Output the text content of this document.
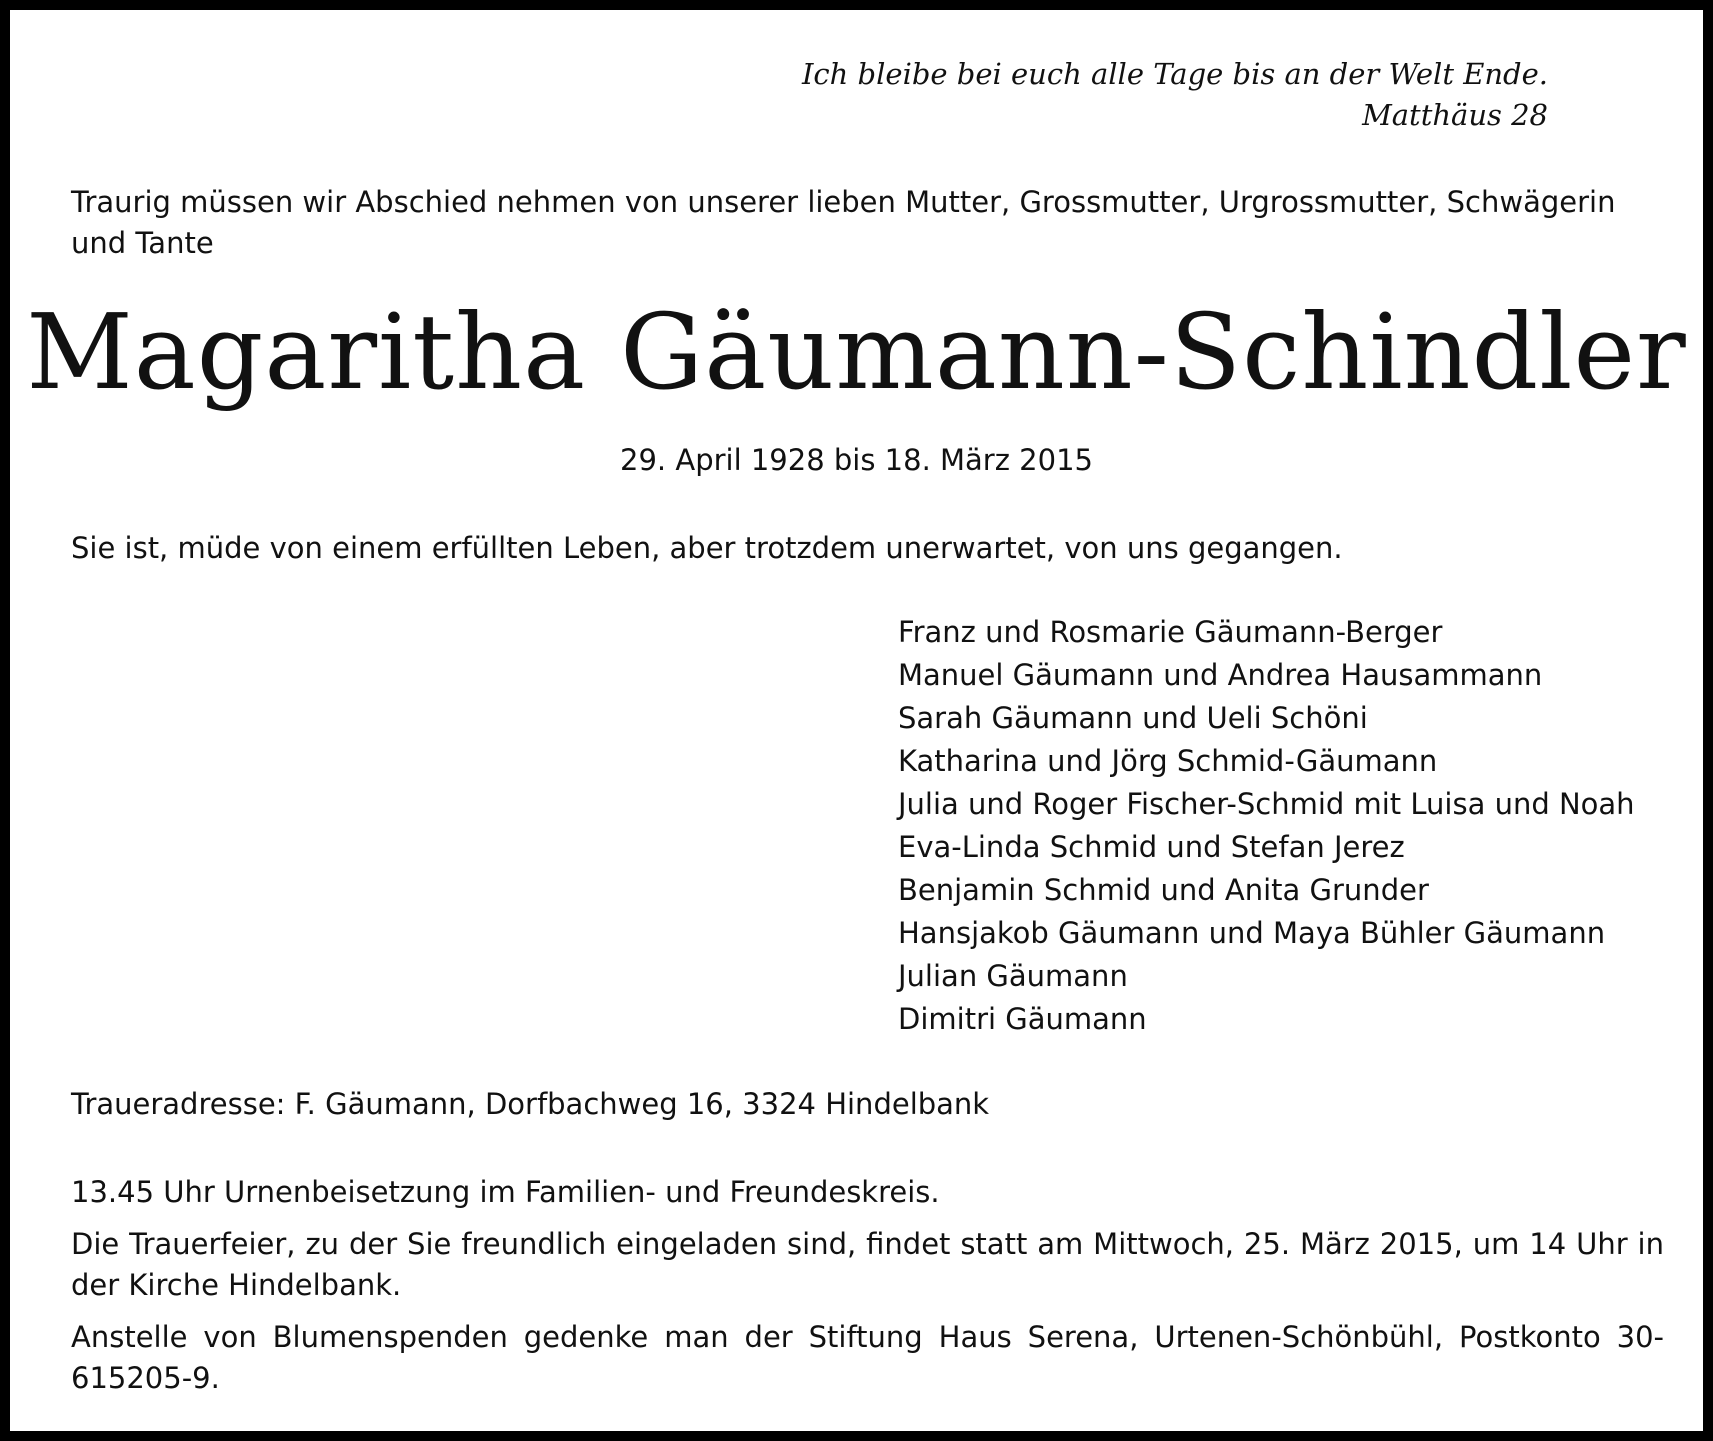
Ich bleibe bei euch alle Tage bis an der Welt Ende.
Matthäus 28
Traurig müssen wir Abschied nehmen von unserer lieben Mutter, Grossmutter, Urgrossmutter, Schwägerin und Tante
Magaritha Gäumann-Schindler
29. April 1928 bis 18. März 2015
Sie ist, müde von einem erfüllten Leben, aber trotzdem unerwartet, von uns gegangen.
Franz und Rosmarie Gäumann-Berger
Manuel Gäumann und Andrea Hausammann
Sarah Gäumann und Ueli Schöni
Katharina und Jörg Schmid-Gäumann
Julia und Roger Fischer-Schmid mit Luisa und Noah
Eva-Linda Schmid und Stefan Jerez
Benjamin Schmid und Anita Grunder
Hansjakob Gäumann und Maya Bühler Gäumann
Julian Gäumann
Dimitri Gäumann
Traueradresse: F. Gäumann, Dorfbachweg 16, 3324 Hindelbank

13.45 Uhr Urnenbeisetzung im Familien- und Freundeskreis.

Die Trauerfeier, zu der Sie freundlich eingeladen sind, findet statt am Mittwoch, 25. März 2015, um 14 Uhr in der Kirche Hindelbank.

Anstelle von Blumenspenden gedenke man der Stiftung Haus Serena, Urtenen-Schönbühl, Postkonto 30-615205-9.
